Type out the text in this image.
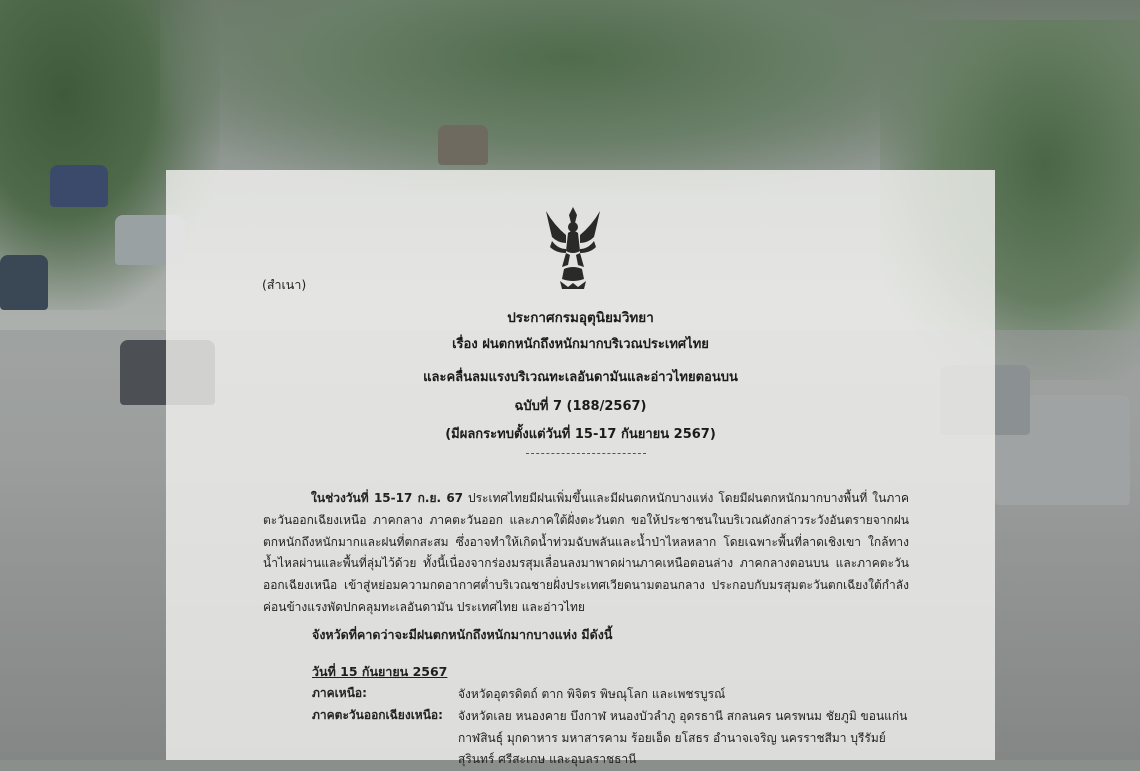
(สำเนา)
ประกาศกรมอุตุนิยมวิทยา
เรื่อง ฝนตกหนักถึงหนักมากบริเวณประเทศไทย
และคลื่นลมแรงบริเวณทะเลอันดามันและอ่าวไทยตอนบน
ฉบับที่ 7 (188/2567)
(มีผลกระทบตั้งแต่วันที่ 15-17 กันยายน 2567)
ในช่วงวันที่ 15-17 ก.ย. 67 ประเทศไทยมีฝนเพิ่มขึ้นและมีฝนตกหนักบางแห่ง โดยมีฝนตกหนักมากบางพื้นที่ ในภาคตะวันออกเฉียงเหนือ ภาคกลาง ภาคตะวันออก และภาคใต้ฝั่งตะวันตก ขอให้ประชาชนในบริเวณดังกล่าวระวังอันตรายจากฝนตกหนักถึงหนักมากและฝนที่ตกสะสม ซึ่งอาจทำให้เกิดน้ำท่วมฉับพลันและน้ำป่าไหลหลาก โดยเฉพาะพื้นที่ลาดเชิงเขา ใกล้ทางน้ำไหลผ่านและพื้นที่ลุ่มไว้ด้วย ทั้งนี้เนื่องจากร่องมรสุมเลื่อนลงมาพาดผ่านภาคเหนือตอนล่าง ภาคกลางตอนบน และภาคตะวันออกเฉียงเหนือ เข้าสู่หย่อมความกดอากาศต่ำบริเวณชายฝั่งประเทศเวียดนามตอนกลาง ประกอบกับมรสุมตะวันตกเฉียงใต้กำลังค่อนข้างแรงพัดปกคลุมทะเลอันดามัน ประเทศไทย และอ่าวไทย
จังหวัดที่คาดว่าจะมีฝนตกหนักถึงหนักมากบางแห่ง มีดังนี้
วันที่ 15 กันยายน 2567
ภาคเหนือ:	จังหวัดอุตรดิตถ์ ตาก พิจิตร พิษณุโลก และเพชรบูรณ์
ภาคตะวันออกเฉียงเหนือ:	จังหวัดเลย หนองคาย บึงกาฬ หนองบัวลำภู อุดรธานี สกลนคร นครพนม ชัยภูมิ ขอนแก่น กาฬสินธุ์ มุกดาหาร มหาสารคาม ร้อยเอ็ด ยโสธร อำนาจเจริญ นครราชสีมา บุรีรัมย์ สุรินทร์ ศรีสะเกษ และอุบลราชธานี
